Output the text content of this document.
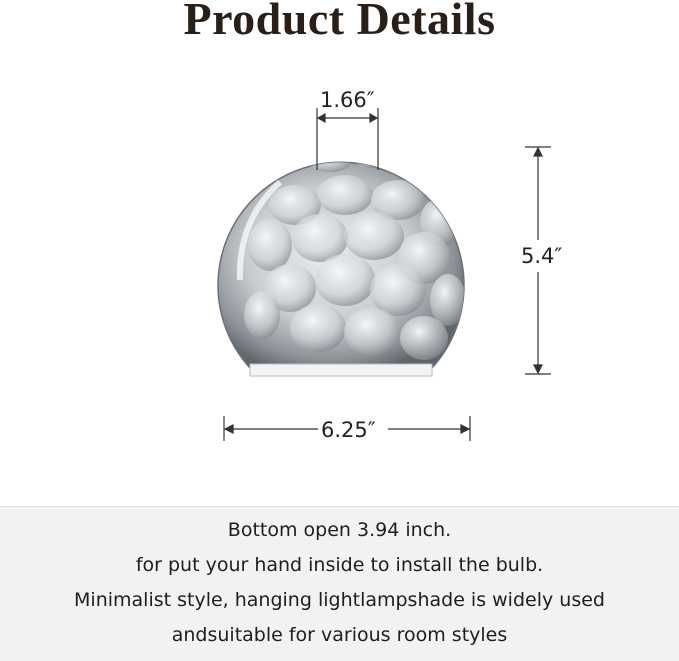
Product Details
1.66″
5.4″
6.25″
Bottom open 3.94 inch.
for put your hand inside to install the bulb.
Minimalist style, hanging lightlampshade is widely used
andsuitable for various room styles
